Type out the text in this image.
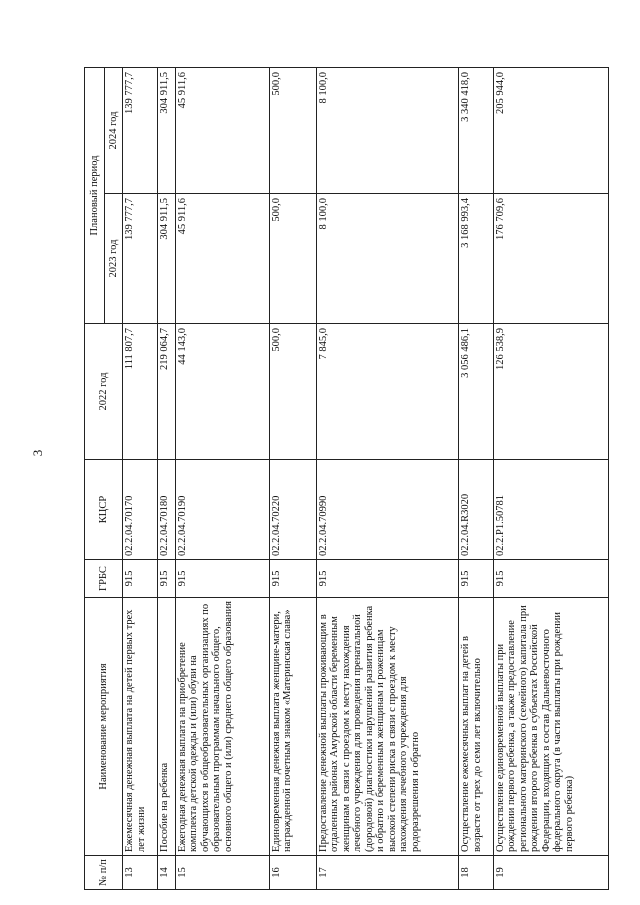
3
№ п/п	Наименование мероприятия	ГРБС	КЦСР	2022 год	Плановый период	
					2023 год	2024 год
13	Ежемесячная денежная выплата на детей первых трех лет жизни	915	02.2.04.70170	111 807,7	139 777,7	139 777,7
14	Пособие на ребенка	915	02.2.04.70180	219 064,7	304 911,5	304 911,5
15	Ежегодная денежная выплата на приобретение комплекта детской одежды и (или) обуви на обучающихся в общеобразовательных организациях по образовательным программам начального общего, основного общего и (или) среднего общего образования	915	02.2.04.70190	44 143,0	45 911,6	45 911,6
16	Единовременная денежная выплата женщине-матери, награжденной почетным знаком «Материнская слава»	915	02.2.04.70220	500,0	500,0	500,0
17	Предоставление денежной выплаты проживающим в отдаленных районах Амурской области беременным женщинам в связи с проездом к месту нахождения лечебного учреждения для проведения пренатальной (дородовой) диагностики нарушений развития ребенка и обратно и беременным женщинам и роженицам высокой степени риска в связи с проездом к месту нахождения лечебного учреждения для родоразрешения и обратно	915	02.2.04.70990	7 845,0	8 100,0	8 100,0
18	Осуществление ежемесячных выплат на детей в возрасте от трех до семи лет включительно	915	02.2.04.R3020	3 056 486,1	3 168 993,4	3 340 418,0
19	Осуществление единовременной выплаты при рождении первого ребенка, а также предоставление регионального материнского (семейного) капитала при рождении второго ребенка в субъектах Российской Федерации, входящих в состав Дальневосточного федерального округа (в части выплаты при рождении первого ребенка)	915	02.2.P1.50781	126 538,9	176 709,6	205 944,0
